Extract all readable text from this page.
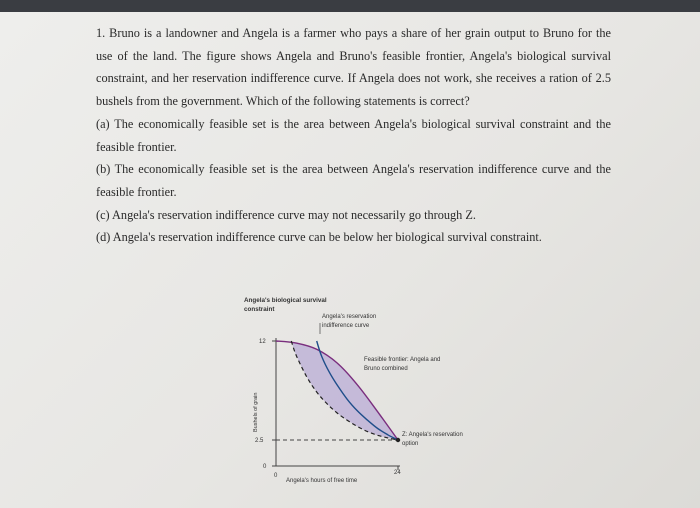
1. Bruno is a landowner and Angela is a farmer who pays a share of her grain output to Bruno for the use of the land. The figure shows Angela and Bruno's feasible frontier, Angela's biological survival constraint, and her reservation indifference curve. If Angela does not work, she receives a ration of 2.5 bushels from the government. Which of the following statements is correct?

(a) The economically feasible set is the area between Angela's biological survival constraint and the feasible frontier.

(b) The economically feasible set is the area between Angela's reservation indifference curve and the feasible frontier.

(c) Angela's reservation indifference curve may not necessarily go through Z.

(d) Angela's reservation indifference curve can be below her biological survival constraint.

Angela's biological survival
constraint
Angela's reservation
indifference curve
Feasible frontier: Angela and
Bruno combined
Z: Angela's reservation
option
12
2.5
0
0	24
Bushels of grain
Angela's hours of free time
